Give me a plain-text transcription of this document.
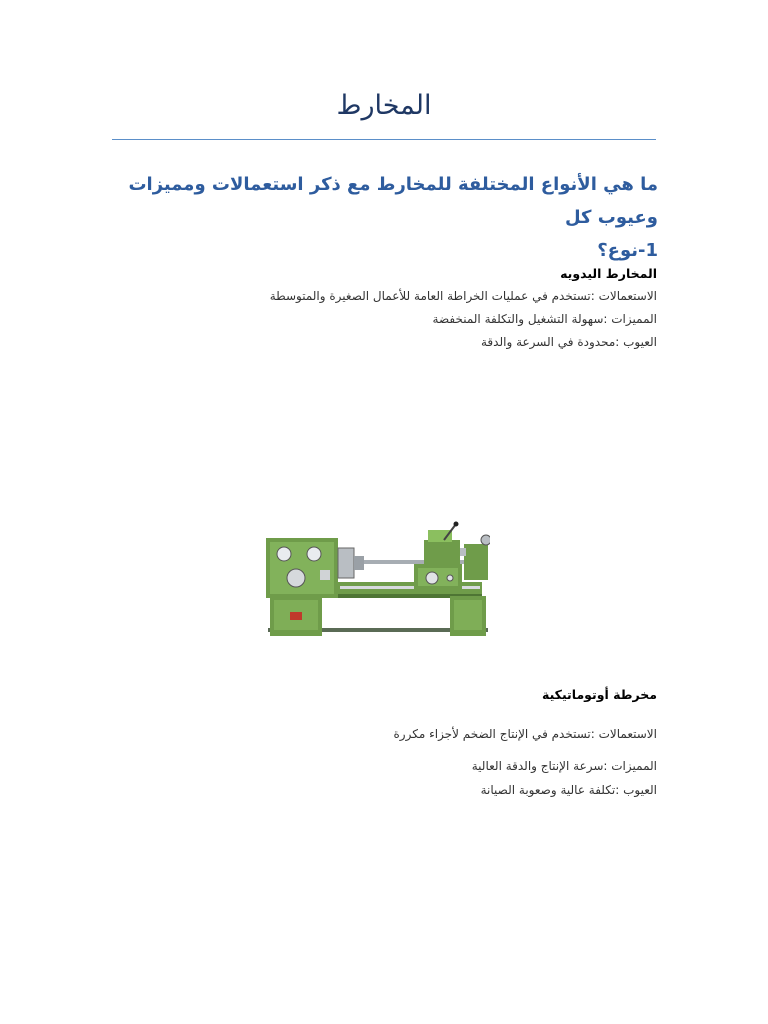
المخارط
ما هي الأنواع المختلفة للمخارط مع ذكر استعمالات ومميزات وعيوب كل
1-نوع؟
المخارط اليدويه
الاستعمالات :تستخدم في عمليات الخراطة العامة للأعمال الصغيرة والمتوسطة
المميزات :سهولة التشغيل والتكلفة المنخفضة
العيوب :محدودة في السرعة والدقة
مخرطة أوتوماتيكية
الاستعمالات :تستخدم في الإنتاج الضخم لأجزاء مكررة
المميزات :سرعة الإنتاج والدقة العالية
العيوب :تكلفة عالية وصعوبة الصيانة
